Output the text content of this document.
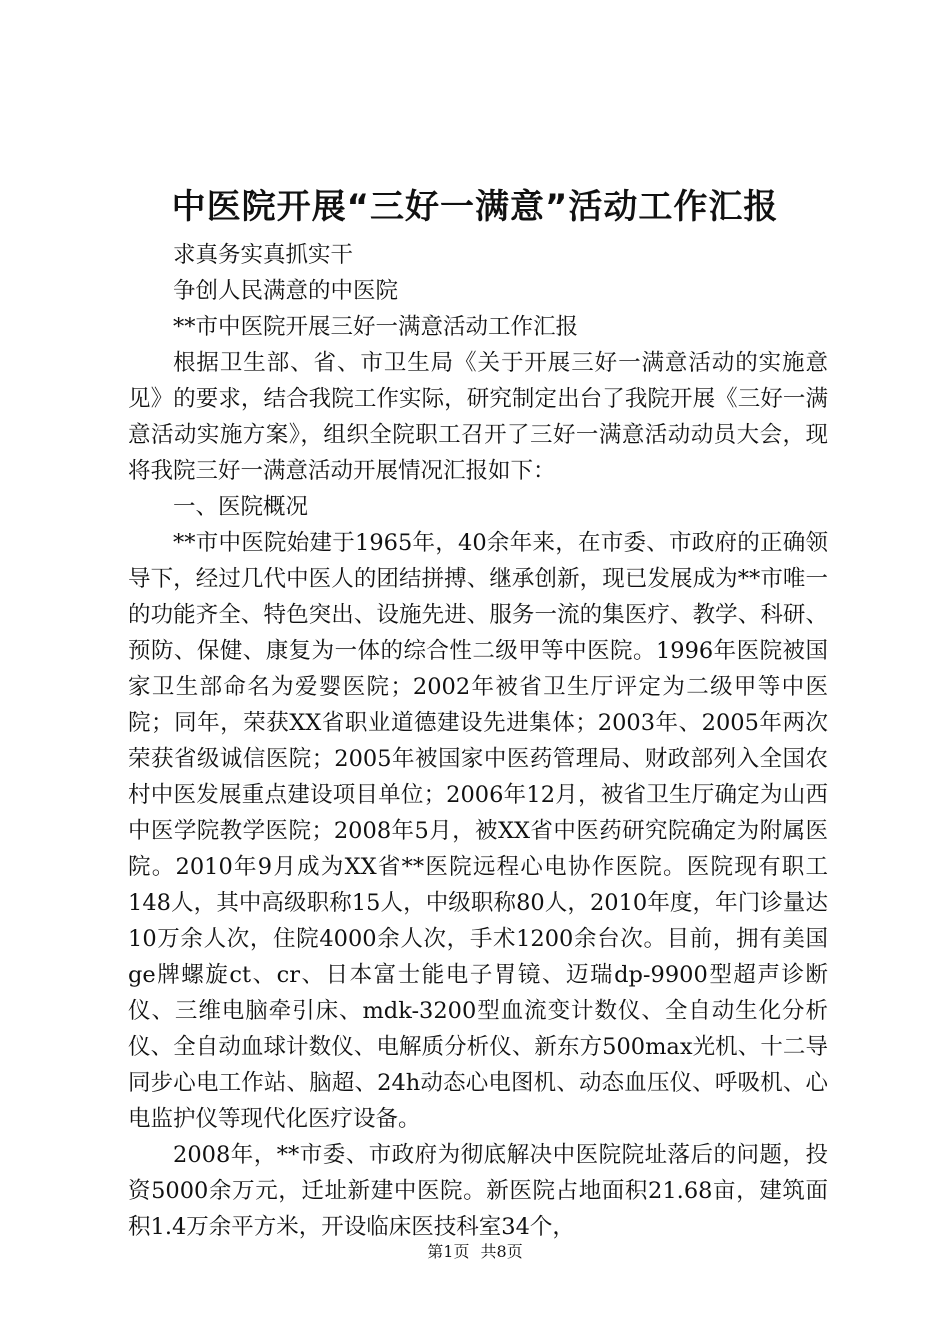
中医院开展“三好一满意”活动工作汇报

求真务实真抓实干

争创人民满意的中医院

**市中医院开展三好一满意活动工作汇报

根据卫生部、省、市卫生局《关于开展三好一满意活动的实施意见》的要求，结合我院工作实际，研究制定出台了我院开展《三好一满意活动实施方案》，组织全院职工召开了三好一满意活动动员大会，现将我院三好一满意活动开展情况汇报如下：

一、医院概况

**市中医院始建于1965年，40余年来，在市委、市政府的正确领导下，经过几代中医人的团结拼搏、继承创新，现已发展成为**市唯一的功能齐全、特色突出、设施先进、服务一流的集医疗、教学、科研、预防、保健、康复为一体的综合性二级甲等中医院。1996年医院被国家卫生部命名为爱婴医院；2002年被省卫生厅评定为二级甲等中医院；同年，荣获XX省职业道德建设先进集体；2003年、2005年两次荣获省级诚信医院；2005年被国家中医药管理局、财政部列入全国农村中医发展重点建设项目单位；2006年12月，被省卫生厅确定为山西中医学院教学医院；2008年5月，被XX省中医药研究院确定为附属医院。2010年9月成为XX省**医院远程心电协作医院。医院现有职工148人，其中高级职称15人，中级职称80人，2010年度，年门诊量达10万余人次，住院4000余人次，手术1200余台次。目前，拥有美国ge牌螺旋ct、cr、日本富士能电子胃镜、迈瑞dp-9900型超声诊断仪、三维电脑牵引床、mdk-3200型血流变计数仪、全自动生化分析仪、全自动血球计数仪、电解质分析仪、新东方500max光机、十二导同步心电工作站、脑超、24h动态心电图机、动态血压仪、呼吸机、心电监护仪等现代化医疗设备。

2008年，**市委、市政府为彻底解决中医院院址落后的问题，投资5000余万元，迁址新建中医院。新医院占地面积21.68亩，建筑面积1.4万余平方米，开设临床医技科室34个，

第1页 共8页
